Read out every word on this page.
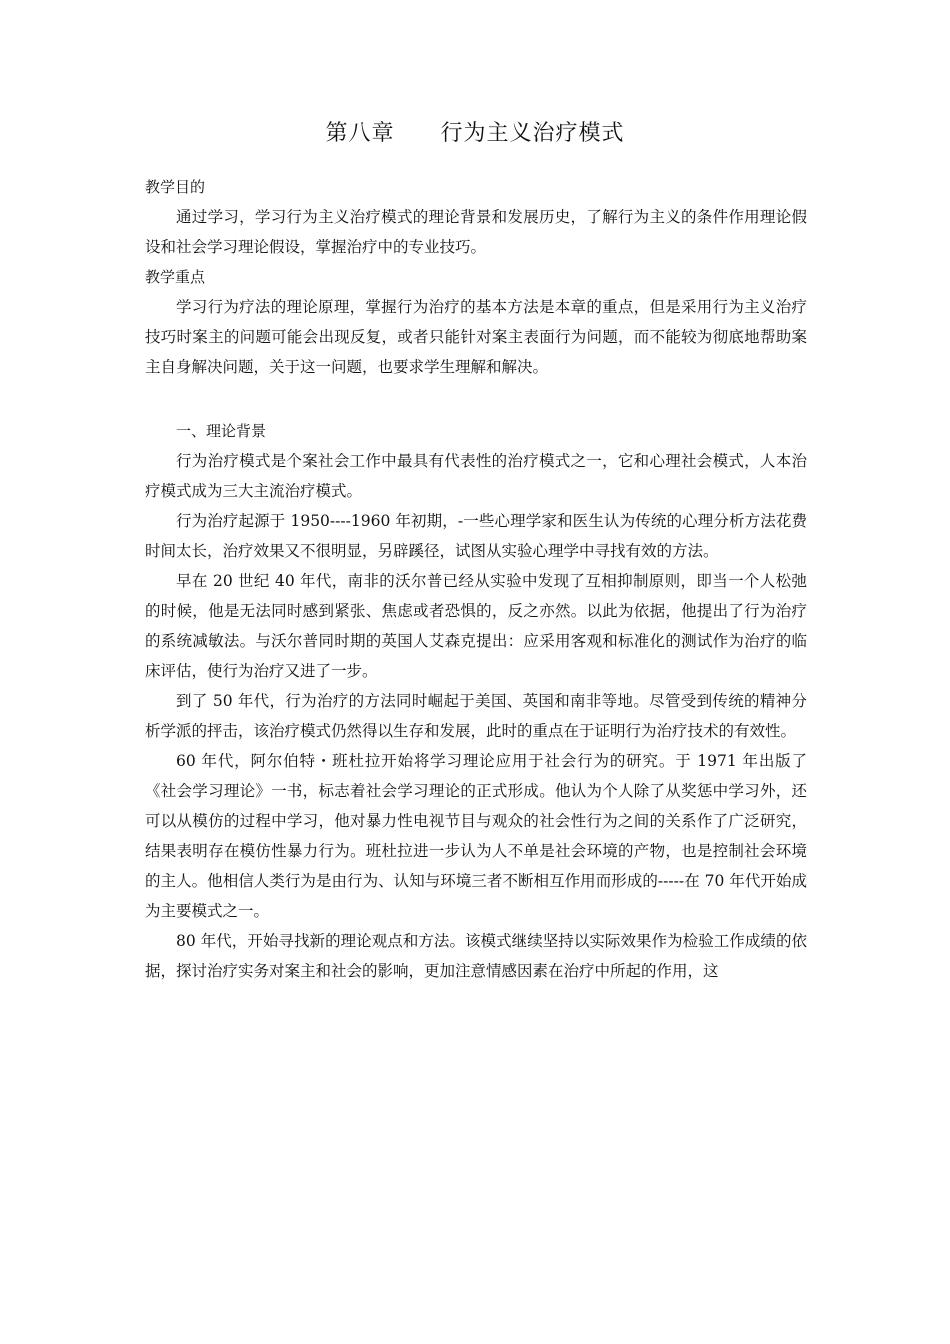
第八章　　行为主义治疗模式

教学目的

通过学习，学习行为主义治疗模式的理论背景和发展历史，了解行为主义的条件作用理论假设和社会学习理论假设，掌握治疗中的专业技巧。

教学重点

学习行为疗法的理论原理，掌握行为治疗的基本方法是本章的重点，但是采用行为主义治疗技巧时案主的问题可能会出现反复，或者只能针对案主表面行为问题，而不能较为彻底地帮助案主自身解决问题，关于这一问题，也要求学生理解和解决。

一、理论背景

行为治疗模式是个案社会工作中最具有代表性的治疗模式之一，它和心理社会模式，人本治疗模式成为三大主流治疗模式。

行为治疗起源于 1950----1960 年初期，-一些心理学家和医生认为传统的心理分析方法花费时间太长，治疗效果又不很明显，另辟蹊径，试图从实验心理学中寻找有效的方法。

早在 20 世纪 40 年代，南非的沃尔普已经从实验中发现了互相抑制原则，即当一个人松弛的时候，他是无法同时感到紧张、焦虑或者恐惧的，反之亦然。以此为依据，他提出了行为治疗的系统减敏法。与沃尔普同时期的英国人艾森克提出：应采用客观和标准化的测试作为治疗的临床评估，使行为治疗又进了一步。

到了 50 年代，行为治疗的方法同时崛起于美国、英国和南非等地。尽管受到传统的精神分析学派的抨击，该治疗模式仍然得以生存和发展，此时的重点在于证明行为治疗技术的有效性。

60 年代，阿尔伯特・班杜拉开始将学习理论应用于社会行为的研究。于 1971 年出版了《社会学习理论》一书，标志着社会学习理论的正式形成。他认为个人除了从奖惩中学习外，还可以从模仿的过程中学习，他对暴力性电视节目与观众的社会性行为之间的关系作了广泛研究，结果表明存在模仿性暴力行为。班杜拉进一步认为人不单是社会环境的产物，也是控制社会环境的主人。他相信人类行为是由行为、认知与环境三者不断相互作用而形成的-----在 70 年代开始成为主要模式之一。

80 年代，开始寻找新的理论观点和方法。该模式继续坚持以实际效果作为检验工作成绩的依据，探讨治疗实务对案主和社会的影响，更加注意情感因素在治疗中所起的作用，这
